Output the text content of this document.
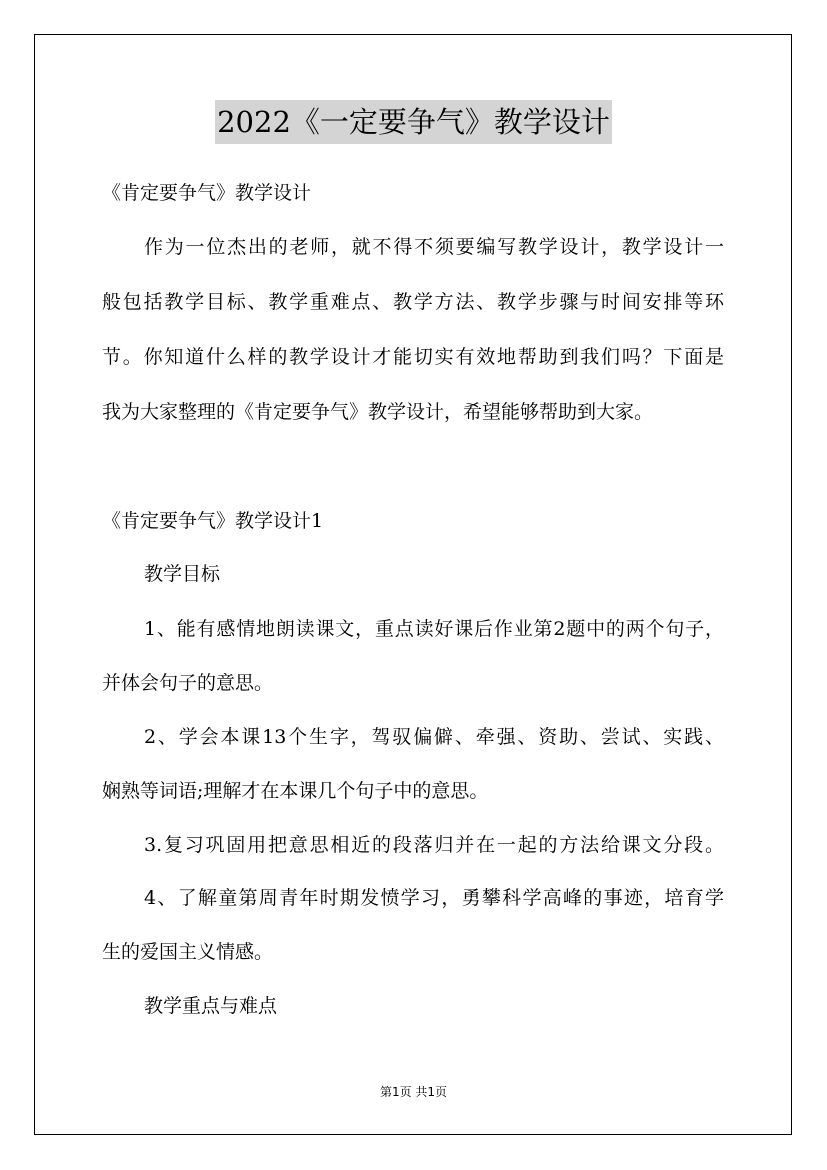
2022《一定要争气》教学设计
《肯定要争气》教学设计
作为一位杰出的老师，就不得不须要编写教学设计，教学设计一
般包括教学目标、教学重难点、教学方法、教学步骤与时间安排等环
节。你知道什么样的教学设计才能切实有效地帮助到我们吗？下面是
我为大家整理的《肯定要争气》教学设计，希望能够帮助到大家。
《肯定要争气》教学设计1
教学目标
1、能有感情地朗读课文，重点读好课后作业第2题中的两个句子，
并体会句子的意思。
2、学会本课13个生字，驾驭偏僻、牵强、资助、尝试、实践、
娴熟等词语;理解才在本课几个句子中的意思。
3.复习巩固用把意思相近的段落归并在一起的方法给课文分段。
4、了解童第周青年时期发愤学习，勇攀科学高峰的事迹，培育学
生的爱国主义情感。
教学重点与难点
第1页 共1页
